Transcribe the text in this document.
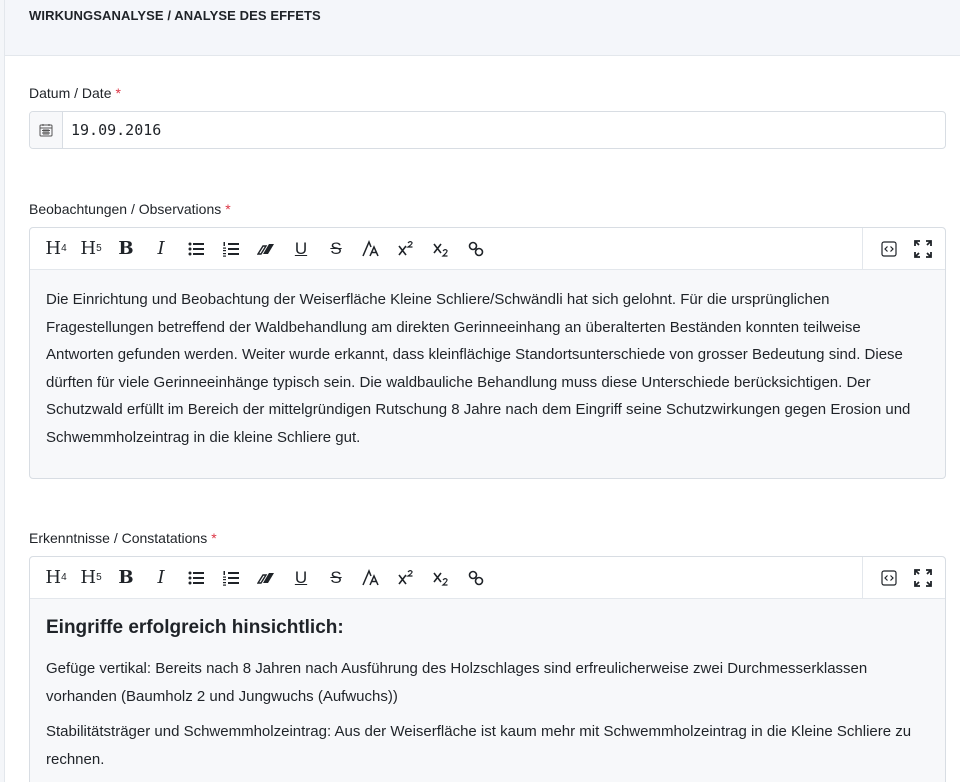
WIRKUNGSANALYSE / ANALYSE DES EFFETS
Datum / Date *
19.09.2016
Beobachtungen / Observations *
H 4 H 5 B	I	U	S

Die Einrichtung und Beobachtung der Weiserfläche Kleine Schliere/Schwändli hat sich gelohnt. Für die ursprünglichen Fragestellungen betreffend der Waldbehandlung am direkten Gerinneeinhang an überalterten Beständen konnten teilweise Antworten gefunden werden. Weiter wurde erkannt, dass kleinflächige Standortsunterschiede von grosser Bedeutung sind. Diese dürften für viele Gerinneeinhänge typisch sein. Die waldbauliche Behandlung muss diese Unterschiede berücksichtigen. Der Schutzwald erfüllt im Bereich der mittelgründigen Rutschung 8 Jahre nach dem Eingriff seine Schutzwirkungen gegen Erosion und Schwemmholzeintrag in die kleine Schliere gut.

Erkenntnisse / Constatations *
H 4 H 5 B	I	U	S
Eingriffe erfolgreich hinsichtlich:

Gefüge vertikal: Bereits nach 8 Jahren nach Ausführung des Holzschlages sind erfreulicherweise zwei Durchmesserklassen vorhanden (Baumholz 2 und Jungwuchs (Aufwuchs))

Stabilitätsträger und Schwemmholzeintrag: Aus der Weiserfläche ist kaum mehr mit Schwemmholzeintrag in die Kleine Schliere zu rechnen.
